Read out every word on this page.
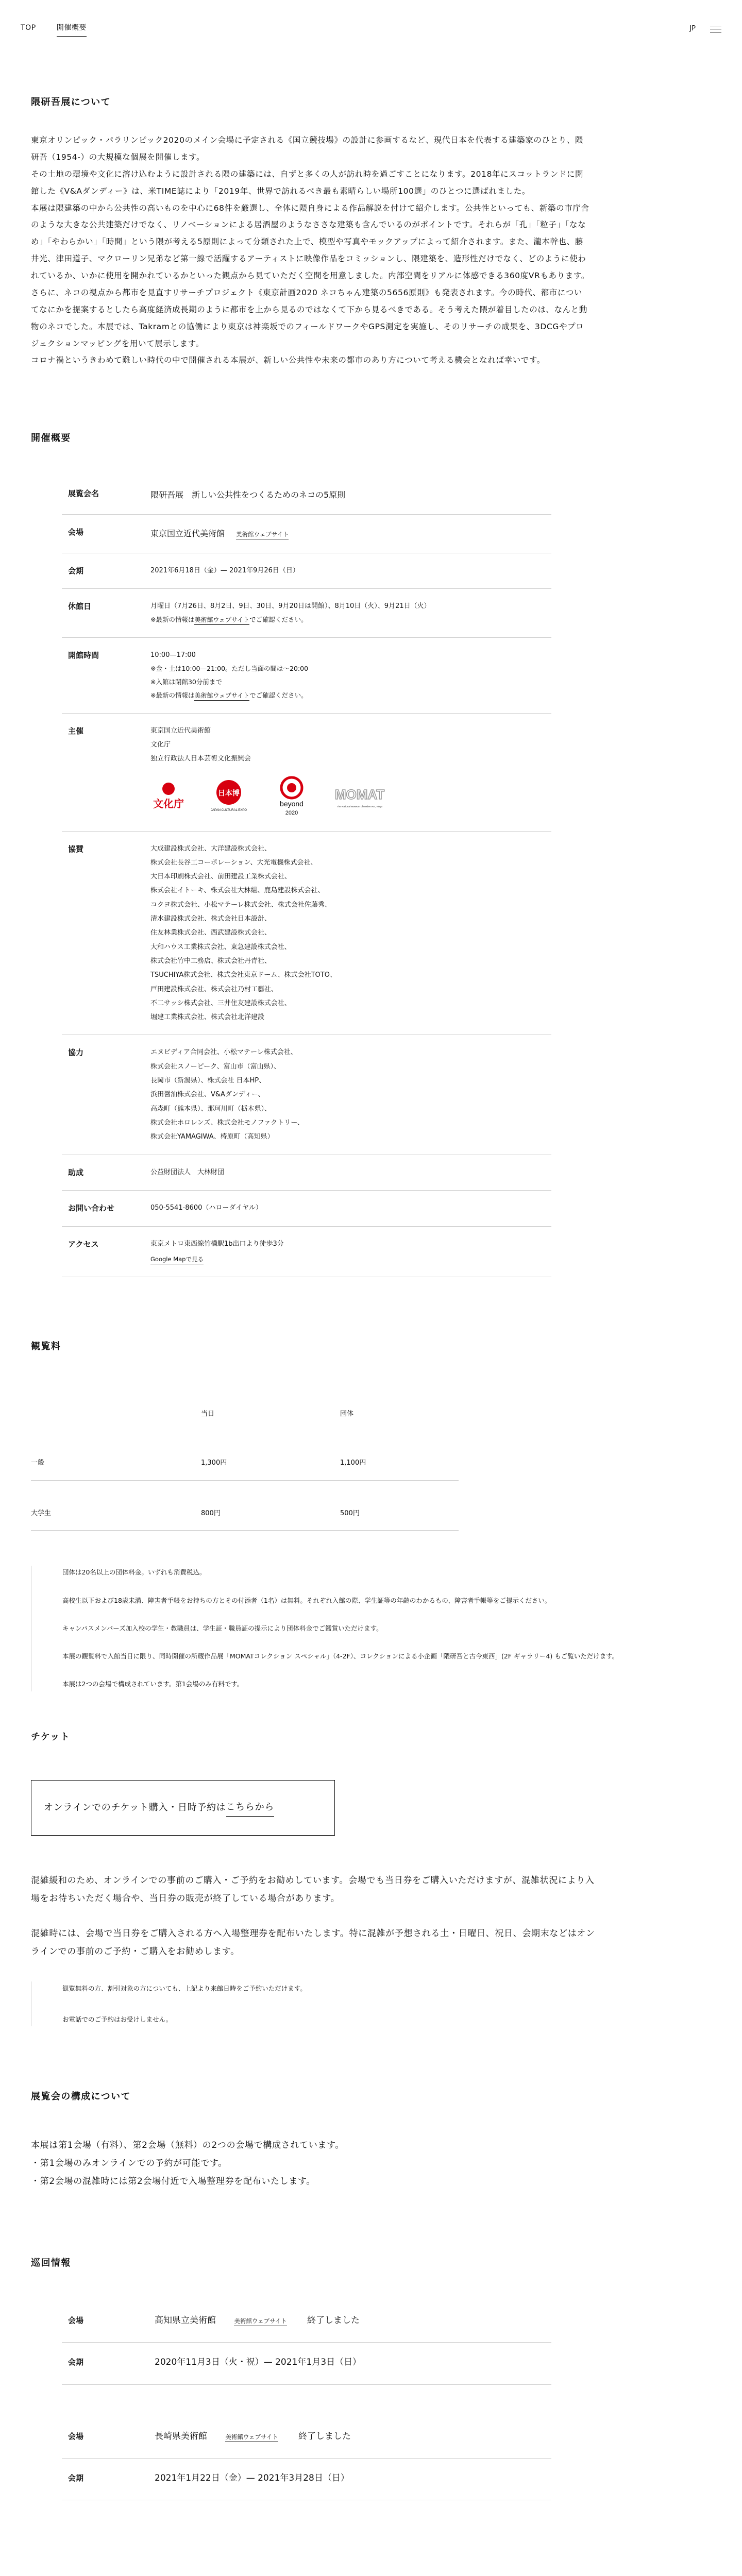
TOP	開催概要	JP
隈研吾展について

東京オリンピック・パラリンピック2020のメイン会場に予定される《国立競技場》の設計に参画するなど、現代日本を代表する建築家のひとり、隈研吾（1954-）の大規模な個展を開催します。

その土地の環境や文化に溶け込むように設計される隈の建築には、自ずと多くの人が訪れ時を過ごすことになります。2018年にスコットランドに開館した《V&Aダンディー》は、米TIME誌により「2019年、世界で訪れるべき最も素晴らしい場所100選」のひとつに選ばれました。

本展は隈建築の中から公共性の高いものを中心に68件を厳選し、全体に隈自身による作品解説を付けて紹介します。公共性といっても、新築の市庁舎のような大きな公共建築だけでなく、リノベーションによる居酒屋のようなささな建築も含んでいるのがポイントです。それらが「孔」「粒子」「ななめ」「やわらかい」「時間」という隈が考える5原則によって分類された上で、模型や写真やモックアップによって紹介されます。また、瀧本幹也、藤井光、津田道子、マクローリン兄弟など第一線で活躍するアーティストに映像作品をコミッションし、隈建築を、造形性だけでなく、どのように使われているか、いかに使用を開かれているかといった観点から見ていただく空間を用意しました。内部空間をリアルに体感できる360度VRもあります。

さらに、ネコの視点から都市を見直すリサーチプロジェクト《東京計画2020 ネコちゃん建築の5656原則》も発表されます。今の時代、都市についてなにかを提案するとしたら高度経済成長期のように都市を上から見るのではなくて下から見るべきである。そう考えた隈が着目したのは、なんと動物のネコでした。本展では、Takramとの協働により東京は神楽坂でのフィールドワークやGPS測定を実施し、そのリサーチの成果を、3DCGやプロジェクションマッピングを用いて展示します。

コロナ禍というきわめて難しい時代の中で開催される本展が、新しい公共性や未来の都市のあり方について考える機会となれば幸いです。

開催概要
展覧会名	隈研吾展　新しい公共性をつくるためのネコの5原則
会場	東京国立近代美術館 美術館ウェブサイト
会期	2021年6月18日（金）— 2021年9月26日（日）
休館日	月曜日（7月26日、8月2日、9日、30日、9月20日は開館）、8月10日（火）、9月21日（火）
※最新の情報は美術館ウェブサイトでご確認ください。
開館時間	10:00—17:00
※金・土は10:00—21:00。ただし当面の間は～20:00
※入館は閉館30分前まで
※最新の情報は美術館ウェブサイトでご確認ください。
主催	東京国立近代美術館

文化庁

独立行政法人日本芸術文化振興会

文化庁
日本博
JAPAN CULTURAL EXPO
beyond
2020
MOMAT
The National Museum of Modern Art, Tokyo
協賛	大成建設株式会社、大洋建設株式会社、

株式会社長谷工コーポレーション、大光電機株式会社、

大日本印刷株式会社、前田建設工業株式会社、

株式会社イトーキ、株式会社大林組、鹿島建設株式会社、

コクヨ株式会社、小松マテーレ株式会社、株式会社佐藤秀、

清水建設株式会社、株式会社日本設計、

住友林業株式会社、西武建設株式会社、

大和ハウス工業株式会社、東急建設株式会社、

株式会社竹中工務店、株式会社丹青社、

TSUCHIYA株式会社、株式会社東京ドーム、株式会社TOTO、

戸田建設株式会社、株式会社乃村工藝社、

不二サッシ株式会社、三井住友建設株式会社、

堀建工業株式会社、株式会社北洋建設

協力	エヌビディア合同会社、小松マテーレ株式会社、

株式会社スノーピーク、富山市（富山県）、

長岡市（新潟県）、株式会社 日本HP、

浜田醤油株式会社、V&Aダンディー、

高森町（熊本県）、那珂川町（栃木県）、

株式会社ホロレンズ、株式会社モノファクトリー、

株式会社YAMAGIWA、梼原町（高知県）

助成	公益財団法人　大林財団
お問い合わせ	050-5541-8600（ハローダイヤル）
アクセス	東京メトロ東西線竹橋駅1b出口より徒歩3分
Google Mapで見る
観覧料
	当日	団体
一般	1,300円	1,100円
大学生	800円	500円

団体は20名以上の団体料金。いずれも消費税込。

高校生以下および18歳未満、障害者手帳をお持ちの方とその付添者（1名）は無料。それぞれ入館の際、学生証等の年齢のわかるもの、障害者手帳等をご提示ください。

キャンパスメンバーズ加入校の学生・教職員は、学生証・職員証の提示により団体料金でご鑑賞いただけます。

本展の観覧料で入館当日に限り、同時開催の所蔵作品展「MOMATコレクション スペシャル」（4-2F）、コレクションによる小企画「隈研吾と古今東西」(2F ギャラリー4) もご覧いただけます。

本展は2つの会場で構成されています。第1会場のみ有料です。

チケット
オンラインでのチケット購入・日時予約は こちらから

混雑緩和のため、オンラインでの事前のご購入・ご予約をお勧めしています。会場でも当日券をご購入いただけますが、混雑状況により入場をお待ちいただく場合や、当日券の販売が終了している場合があります。

混雑時には、会場で当日券をご購入される方へ入場整理券を配布いたします。特に混雑が予想される土・日曜日、祝日、会期末などはオンラインでの事前のご予約・ご購入をお勧めします。

観覧無料の方、割引対象の方についても、上記より来館日時をご予約いただけます。

お電話でのご予約はお受けしません。

展覧会の構成について

本展は第1会場（有料）、第2会場（無料）の2つの会場で構成されています。

・第1会場のみオンラインでの予約が可能です。

・第2会場の混雑時には第2会場付近で入場整理券を配布いたします。

巡回情報
会場	高知県立美術館	美術館ウェブサイト 終了しました
会期	2020年11月3日（火・祝）— 2021年1月3日（日）
会場	長崎県美術館	美術館ウェブサイト 終了しました
会期	2021年1月22日（金）— 2021年3月28日（日）
